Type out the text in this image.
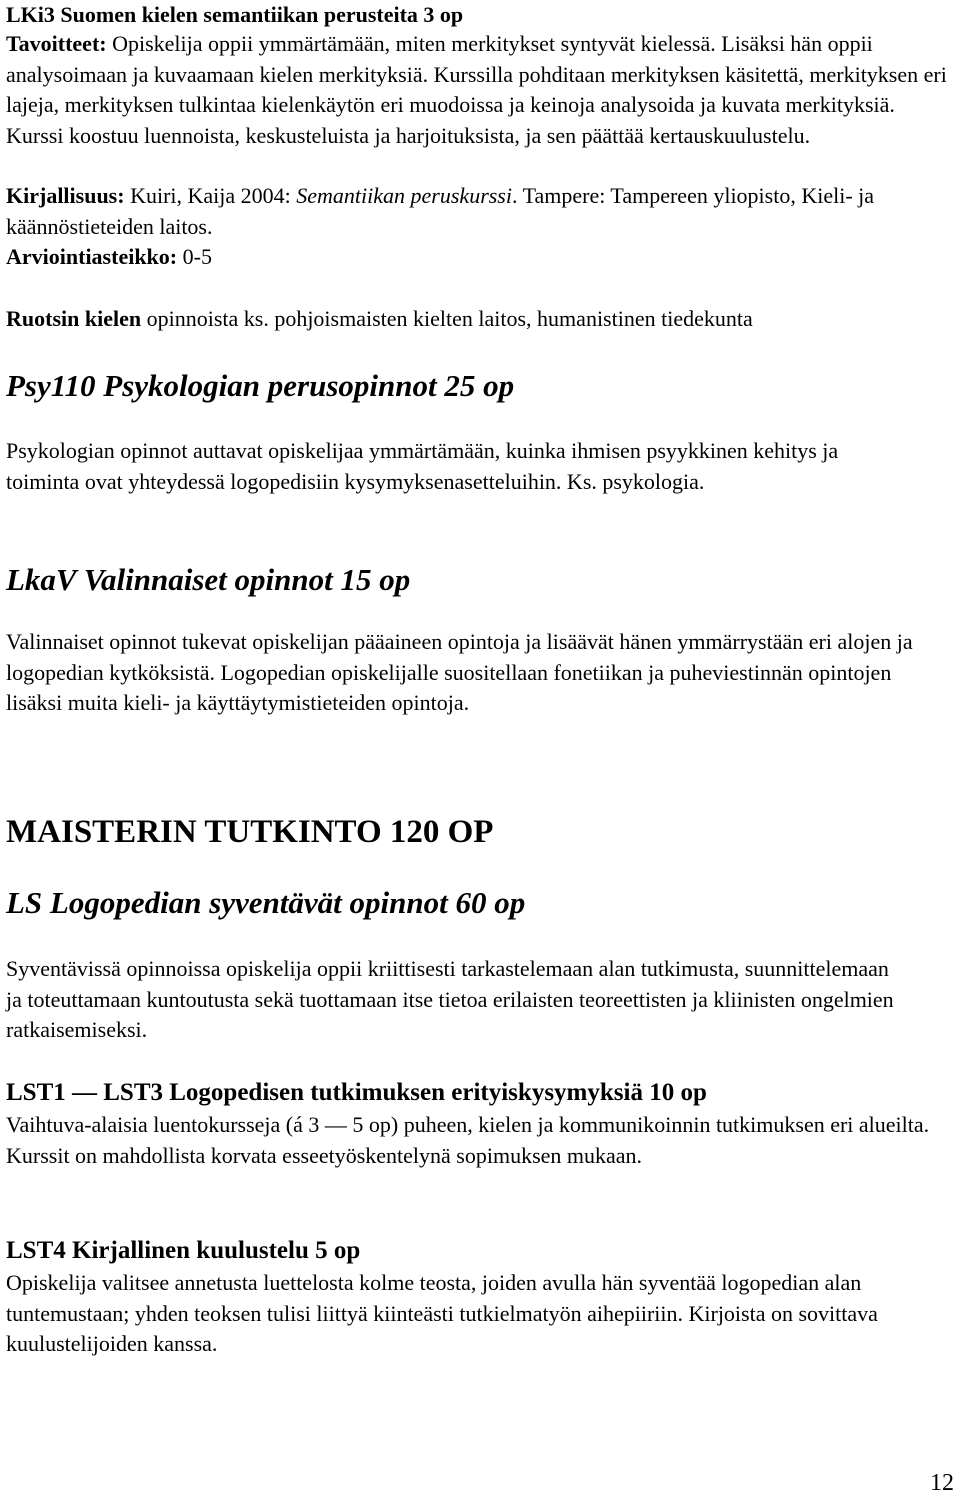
LKi3 Suomen kielen semantiikan perusteita 3 op

Tavoitteet: Opiskelija oppii ymmärtämään, miten merkitykset syntyvät kielessä. Lisäksi hän oppii analysoimaan ja kuvaamaan kielen merkityksiä. Kurssilla pohditaan merkityksen käsitettä, merkityksen eri lajeja, merkityksen tulkintaa kielenkäytön eri muodoissa ja keinoja analysoida ja kuvata merkityksiä. Kurssi koostuu luennoista, keskusteluista ja harjoituksista, ja sen päättää kertauskuulustelu.

Kirjallisuus: Kuiri, Kaija 2004: Semantiikan peruskurssi. Tampere: Tampereen yliopisto, Kieli- ja käännöstieteiden laitos.

Arviointiasteikko: 0-5

Ruotsin kielen opinnoista ks. pohjoismaisten kielten laitos, humanistinen tiedekunta

Psy110 Psykologian perusopinnot 25 op

Psykologian opinnot auttavat opiskelijaa ymmärtämään, kuinka ihmisen psyykkinen kehitys ja toiminta ovat yhteydessä logopedisiin kysymyksenasetteluihin. Ks. psykologia.

LkaV Valinnaiset opinnot 15 op

Valinnaiset opinnot tukevat opiskelijan pääaineen opintoja ja lisäävät hänen ymmärrystään eri alojen ja logopedian kytköksistä. Logopedian opiskelijalle suositellaan fonetiikan ja puheviestinnän opintojen lisäksi muita kieli- ja käyttäytymistieteiden opintoja.

MAISTERIN TUTKINTO 120 OP
LS Logopedian syventävät opinnot 60 op

Syventävissä opinnoissa opiskelija oppii kriittisesti tarkastelemaan alan tutkimusta, suunnittelemaan ja toteuttamaan kuntoutusta sekä tuottamaan itse tietoa erilaisten teoreettisten ja kliinisten ongelmien ratkaisemiseksi.

LST1 — LST3 Logopedisen tutkimuksen erityiskysymyksiä 10 op

Vaihtuva-alaisia luentokursseja (á 3 — 5 op) puheen, kielen ja kommunikoinnin tutkimuksen eri alueilta. Kurssit on mahdollista korvata esseetyöskentelynä sopimuksen mukaan.

LST4 Kirjallinen kuulustelu 5 op

Opiskelija valitsee annetusta luettelosta kolme teosta, joiden avulla hän syventää logopedian alan tuntemustaan; yhden teoksen tulisi liittyä kiinteästi tutkielmatyön aihepiiriin. Kirjoista on sovittava kuulustelijoiden kanssa.

12
